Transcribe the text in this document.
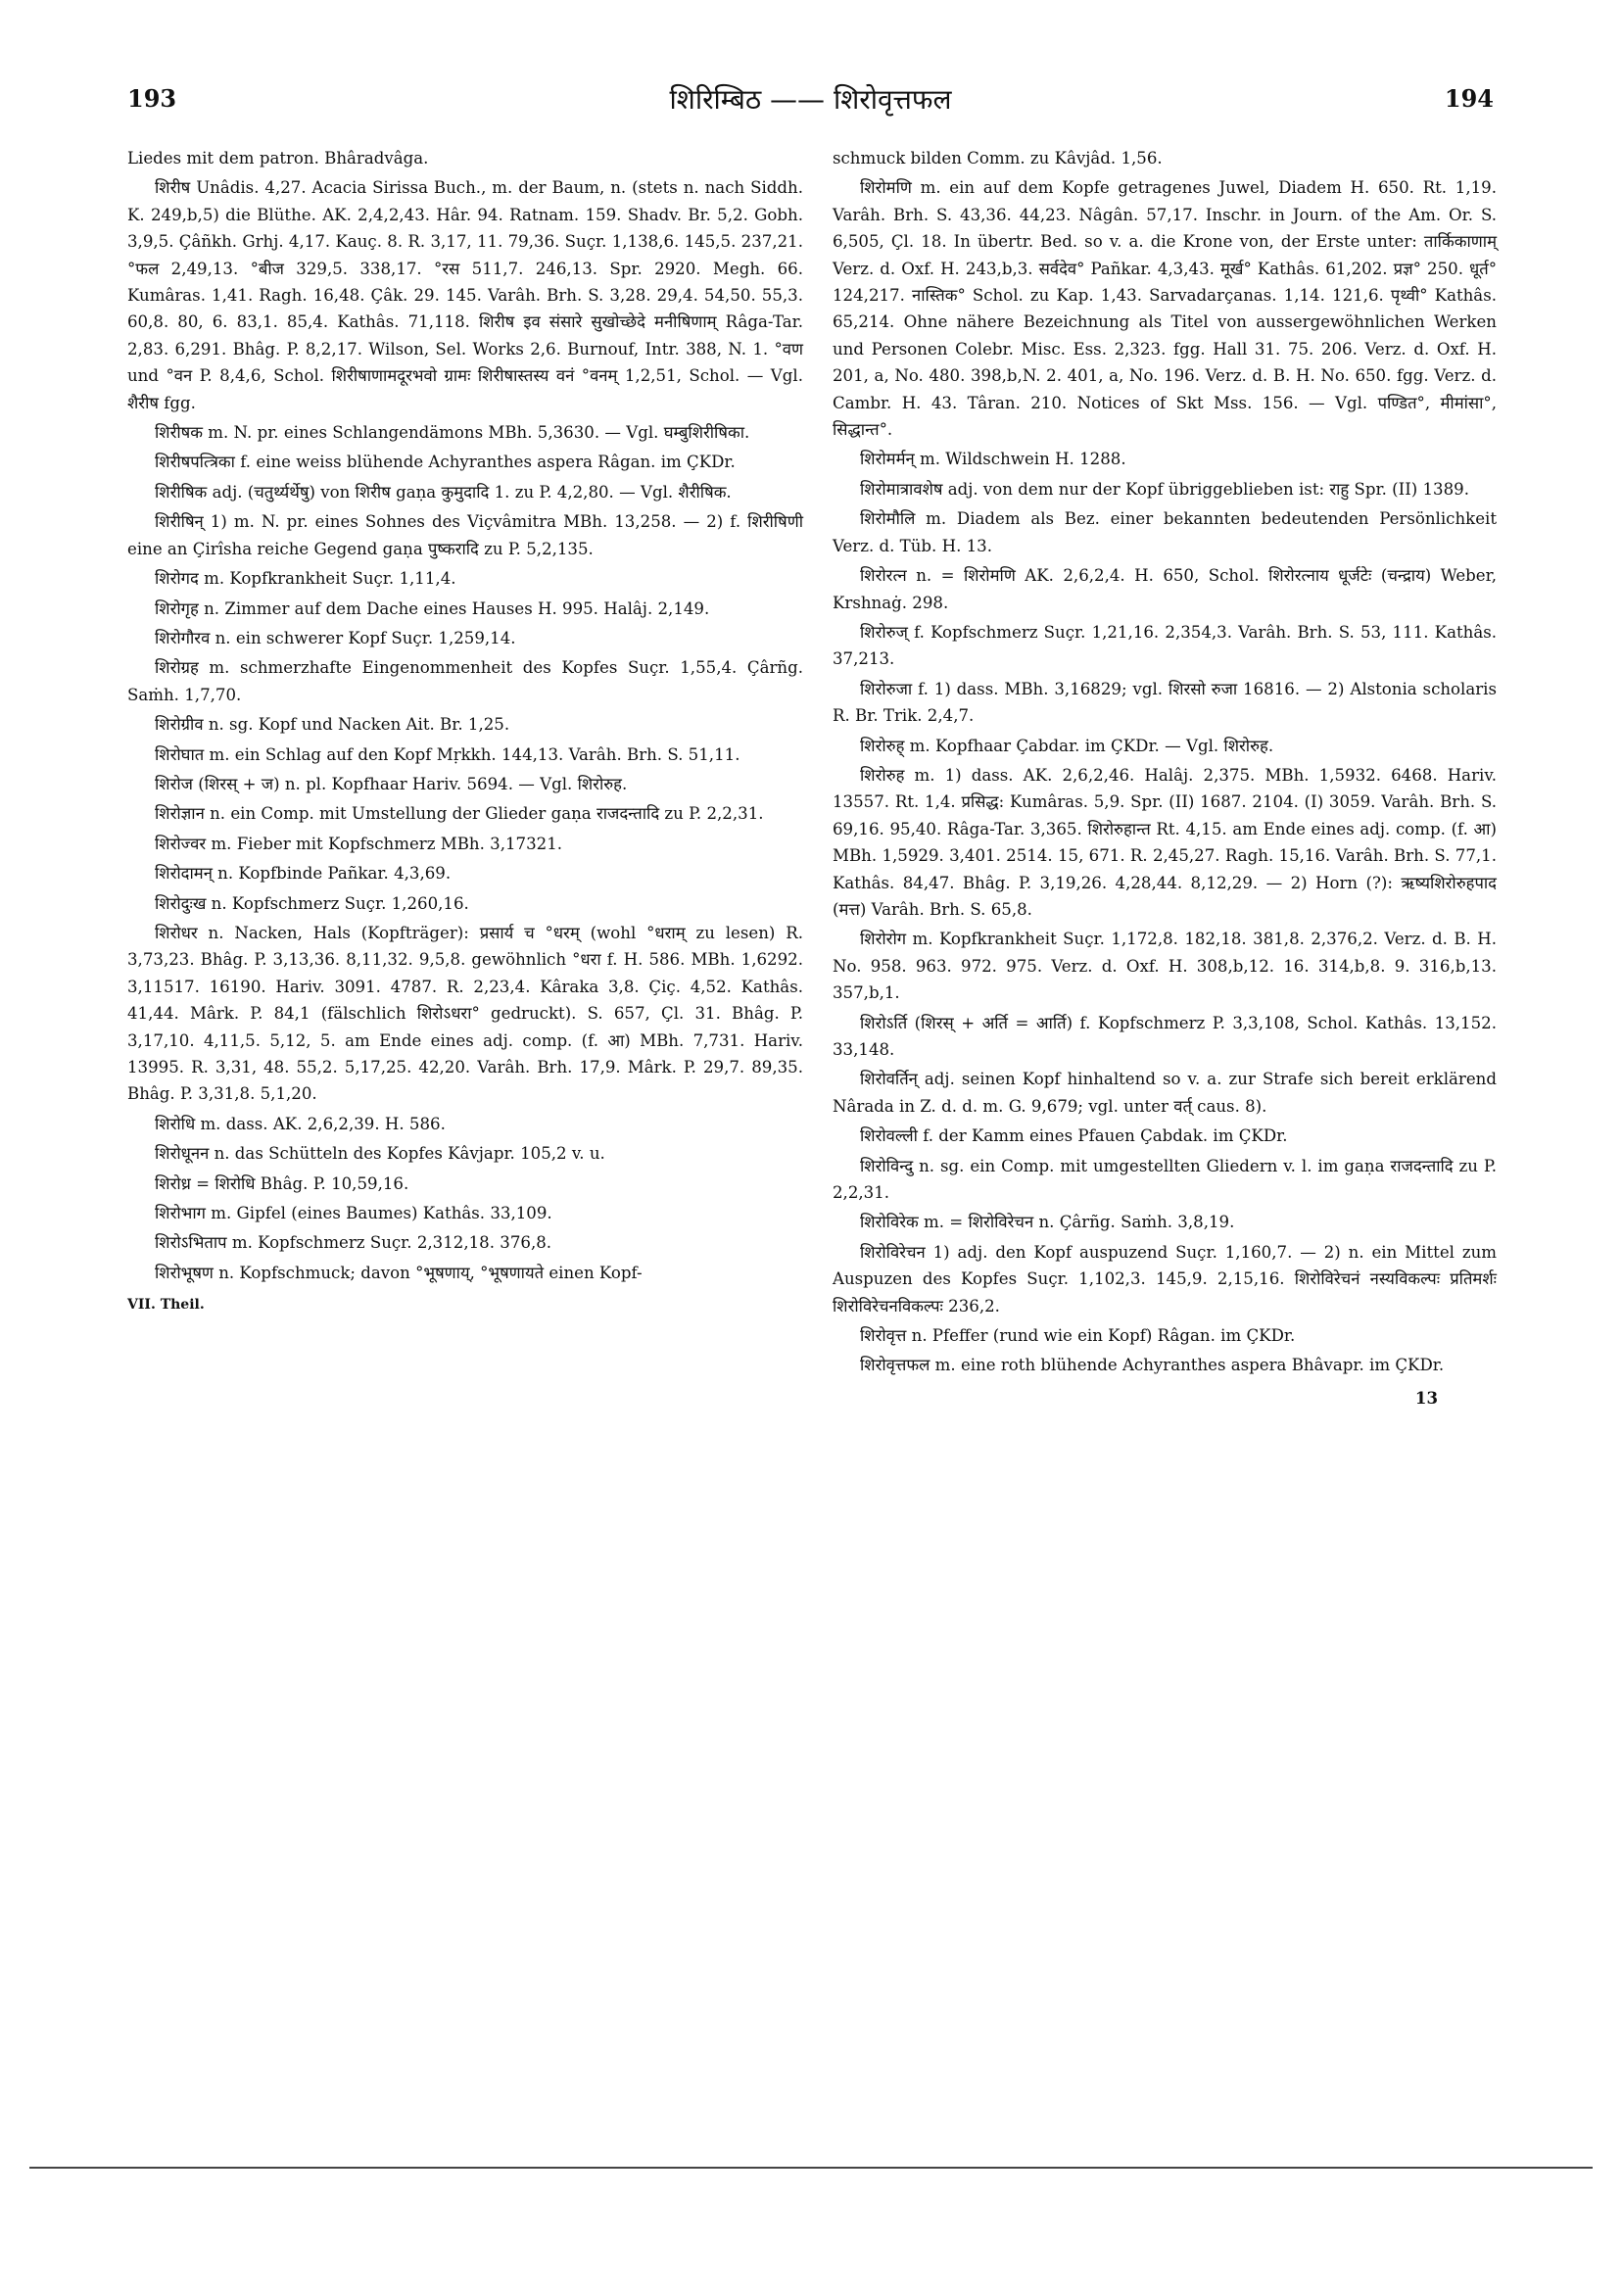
193	शिरिम्बिठ —— शिरोवृत्तफल	194

Liedes mit dem patron. Bhâradvâga.

शिरीष Unâdis. 4,27. Acacia Sirissa Buch., m. der Baum, n. (stets n. nach Siddh. K. 249,b,5) die Blüthe. AK. 2,4,2,43. Hâr. 94. Ratnam. 159. Shadv. Br. 5,2. Gobh. 3,9,5. Çâñkh. Grhj. 4,17. Kauç. 8. R. 3,17, 11. 79,36. Suçr. 1,138,6. 145,5. 237,21. °फल 2,49,13. °बीज 329,5. 338,17. °रस 511,7. 246,13. Spr. 2920. Megh. 66. Kumâras. 1,41. Ragh. 16,48. Çâk. 29. 145. Varâh. Brh. S. 3,28. 29,4. 54,50. 55,3. 60,8. 80, 6. 83,1. 85,4. Kathâs. 71,118. शिरीष इव संसारे सुखोच्छेदे मनीषिणाम् Râga-Tar. 2,83. 6,291. Bhâg. P. 8,2,17. Wilson, Sel. Works 2,6. Burnouf, Intr. 388, N. 1. °वण und °वन P. 8,4,6, Schol. शिरीषाणामदूरभवो ग्रामः शिरीषास्तस्य वनं °वनम् 1,2,51, Schol. — Vgl. शैरीष fgg.

शिरीषक m. N. pr. eines Schlangendämons MBh. 5,3630. — Vgl. घम्बुशिरीषिका.

शिरीषपत्त्रिका f. eine weiss blühende Achyranthes aspera Râgan. im ÇKDr.

शिरीषिक adj. (चतुर्थ्यर्थेषु) von शिरीष gaṇa कुमुदादि 1. zu P. 4,2,80. — Vgl. शैरीषिक.

शिरीषिन् 1) m. N. pr. eines Sohnes des Viçvâmitra MBh. 13,258. — 2) f. शिरीषिणी eine an Çirîsha reiche Gegend gaṇa पुष्करादि zu P. 5,2,135.

शिरोगद m. Kopfkrankheit Suçr. 1,11,4.

शिरोगृह n. Zimmer auf dem Dache eines Hauses H. 995. Halâj. 2,149.

शिरोगौरव n. ein schwerer Kopf Suçr. 1,259,14.

शिरोग्रह m. schmerzhafte Eingenommenheit des Kopfes Suçr. 1,55,4. Çârñg. Saṁh. 1,7,70.

शिरोग्रीव n. sg. Kopf und Nacken Ait. Br. 1,25.

शिरोघात m. ein Schlag auf den Kopf Mṛkkh. 144,13. Varâh. Brh. S. 51,11.

शिरोज (शिरस् + ज) n. pl. Kopfhaar Hariv. 5694. — Vgl. शिरोरुह.

शिरोज्ञान n. ein Comp. mit Umstellung der Glieder gaṇa राजदन्तादि zu P. 2,2,31.

शिरोज्वर m. Fieber mit Kopfschmerz MBh. 3,17321.

शिरोदामन् n. Kopfbinde Pañkar. 4,3,69.

शिरोदुःख n. Kopfschmerz Suçr. 1,260,16.

शिरोधर n. Nacken, Hals (Kopfträger): प्रसार्य च °धरम् (wohl °धराम् zu lesen) R. 3,73,23. Bhâg. P. 3,13,36. 8,11,32. 9,5,8. gewöhnlich °धरा f. H. 586. MBh. 1,6292. 3,11517. 16190. Hariv. 3091. 4787. R. 2,23,4. Kâraka 3,8. Çiç. 4,52. Kathâs. 41,44. Mârk. P. 84,1 (fälschlich शिरोऽधरा° gedruckt). S. 657, Çl. 31. Bhâg. P. 3,17,10. 4,11,5. 5,12, 5. am Ende eines adj. comp. (f. आ) MBh. 7,731. Hariv. 13995. R. 3,31, 48. 55,2. 5,17,25. 42,20. Varâh. Brh. 17,9. Mârk. P. 29,7. 89,35. Bhâg. P. 3,31,8. 5,1,20.

शिरोधि m. dass. AK. 2,6,2,39. H. 586.

शिरोधूनन n. das Schütteln des Kopfes Kâvjapr. 105,2 v. u.

शिरोध्र = शिरोधि Bhâg. P. 10,59,16.

शिरोभाग m. Gipfel (eines Baumes) Kathâs. 33,109.

शिरोऽभिताप m. Kopfschmerz Suçr. 2,312,18. 376,8.

शिरोभूषण n. Kopfschmuck; davon °भूषणाय्, °भूषणायते einen Kopf-

VII. Theil.

schmuck bilden Comm. zu Kâvjâd. 1,56.

शिरोमणि m. ein auf dem Kopfe getragenes Juwel, Diadem H. 650. Rt. 1,19. Varâh. Brh. S. 43,36. 44,23. Nâgân. 57,17. Inschr. in Journ. of the Am. Or. S. 6,505, Çl. 18. In übertr. Bed. so v. a. die Krone von, der Erste unter: तार्किकाणाम् Verz. d. Oxf. H. 243,b,3. सर्वदेव° Pañkar. 4,3,43. मूर्ख° Kathâs. 61,202. प्रज्ञ° 250. धूर्त° 124,217. नास्तिक° Schol. zu Kap. 1,43. Sarvadarçanas. 1,14. 121,6. पृथ्वी° Kathâs. 65,214. Ohne nähere Bezeichnung als Titel von aussergewöhnlichen Werken und Personen Colebr. Misc. Ess. 2,323. fgg. Hall 31. 75. 206. Verz. d. Oxf. H. 201, a, No. 480. 398,b,N. 2. 401, a, No. 196. Verz. d. B. H. No. 650. fgg. Verz. d. Cambr. H. 43. Târan. 210. Notices of Skt Mss. 156. — Vgl. पण्डित°, मीमांसा°, सिद्धान्त°.

शिरोमर्मन् m. Wildschwein H. 1288.

शिरोमात्रावशेष adj. von dem nur der Kopf übriggeblieben ist: राहु Spr. (II) 1389.

शिरोमौलि m. Diadem als Bez. einer bekannten bedeutenden Persönlichkeit Verz. d. Tüb. H. 13.

शिरोरत्न n. = शिरोमणि AK. 2,6,2,4. H. 650, Schol. शिरोरत्नाय धूर्जटेः (चन्द्राय) Weber, Krshnaġ. 298.

शिरोरुज् f. Kopfschmerz Suçr. 1,21,16. 2,354,3. Varâh. Brh. S. 53, 111. Kathâs. 37,213.

शिरोरुजा f. 1) dass. MBh. 3,16829; vgl. शिरसो रुजा 16816. — 2) Alstonia scholaris R. Br. Trik. 2,4,7.

शिरोरुह् m. Kopfhaar Çabdar. im ÇKDr. — Vgl. शिरोरुह.

शिरोरुह m. 1) dass. AK. 2,6,2,46. Halâj. 2,375. MBh. 1,5932. 6468. Hariv. 13557. Rt. 1,4. प्रसिद्ध: Kumâras. 5,9. Spr. (II) 1687. 2104. (I) 3059. Varâh. Brh. S. 69,16. 95,40. Râga-Tar. 3,365. शिरोरुहान्त Rt. 4,15. am Ende eines adj. comp. (f. आ) MBh. 1,5929. 3,401. 2514. 15, 671. R. 2,45,27. Ragh. 15,16. Varâh. Brh. S. 77,1. Kathâs. 84,47. Bhâg. P. 3,19,26. 4,28,44. 8,12,29. — 2) Horn (?): ऋष्यशिरोरुहपाद (मत्त) Varâh. Brh. S. 65,8.

शिरोरोग m. Kopfkrankheit Suçr. 1,172,8. 182,18. 381,8. 2,376,2. Verz. d. B. H. No. 958. 963. 972. 975. Verz. d. Oxf. H. 308,b,12. 16. 314,b,8. 9. 316,b,13. 357,b,1.

शिरोऽर्ति (शिरस् + अर्ति = आर्ति) f. Kopfschmerz P. 3,3,108, Schol. Kathâs. 13,152. 33,148.

शिरोवर्तिन् adj. seinen Kopf hinhaltend so v. a. zur Strafe sich bereit erklärend Nârada in Z. d. d. m. G. 9,679; vgl. unter वर्त् caus. 8).

शिरोवल्ली f. der Kamm eines Pfauen Çabdak. im ÇKDr.

शिरोविन्दु n. sg. ein Comp. mit umgestellten Gliedern v. l. im gaṇa राजदन्तादि zu P. 2,2,31.

शिरोविरेक m. = शिरोविरेचन n. Çârñg. Saṁh. 3,8,19.

शिरोविरेचन 1) adj. den Kopf auspuzend Suçr. 1,160,7. — 2) n. ein Mittel zum Auspuzen des Kopfes Suçr. 1,102,3. 145,9. 2,15,16. शिरोविरेचनं नस्यविकल्पः प्रतिमर्शः शिरोविरेचनविकल्पः 236,2.

शिरोवृत्त n. Pfeffer (rund wie ein Kopf) Râgan. im ÇKDr.

शिरोवृत्तफल m. eine roth blühende Achyranthes aspera Bhâvapr. im ÇKDr.

13
